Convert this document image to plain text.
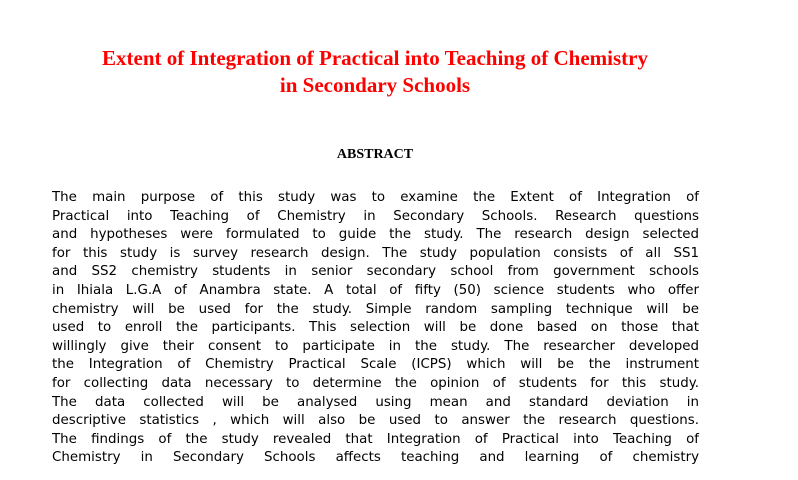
Extent of Integration of Practical into Teaching of Chemistry
in Secondary Schools
ABSTRACT
The main purpose of this study was to examine the Extent of Integration of
Practical into Teaching of Chemistry in Secondary Schools. Research questions
and hypotheses were formulated to guide the study. The research design selected
for this study is survey research design. The study population consists of all SS1
and SS2 chemistry students in senior secondary school from government schools
in Ihiala L.G.A of Anambra state. A total of fifty (50) science students who offer
chemistry will be used for the study. Simple random sampling technique will be
used to enroll the participants. This selection will be done based on those that
willingly give their consent to participate in the study. The researcher developed
the Integration of Chemistry Practical Scale (ICPS) which will be the instrument
for collecting data necessary to determine the opinion of students for this study.
The data collected will be analysed using mean and standard deviation in
descriptive statistics , which will also be used to answer the research questions.
The findings of the study revealed that Integration of Practical into Teaching of
Chemistry in Secondary Schools affects teaching and learning of chemistry
